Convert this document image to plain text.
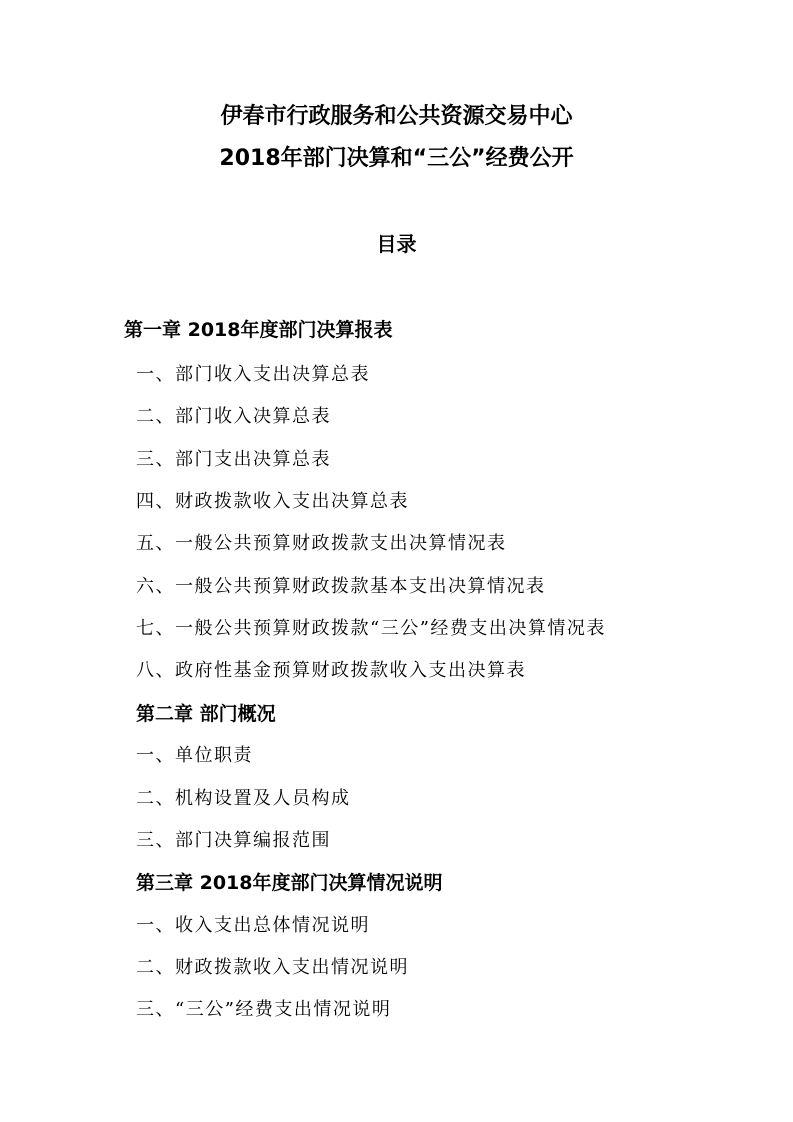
伊春市行政服务和公共资源交易中心
2018年部门决算和“三公”经费公开
目录
第一章 2018年度部门决算报表
一、部门收入支出决算总表
二、部门收入决算总表
三、部门支出决算总表
四、财政拨款收入支出决算总表
五、一般公共预算财政拨款支出决算情况表
六、一般公共预算财政拨款基本支出决算情况表
七、一般公共预算财政拨款“三公”经费支出决算情况表
八、政府性基金预算财政拨款收入支出决算表
第二章 部门概况
一、单位职责
二、机构设置及人员构成
三、部门决算编报范围
第三章 2018年度部门决算情况说明
一、收入支出总体情况说明
二、财政拨款收入支出情况说明
三、“三公”经费支出情况说明
